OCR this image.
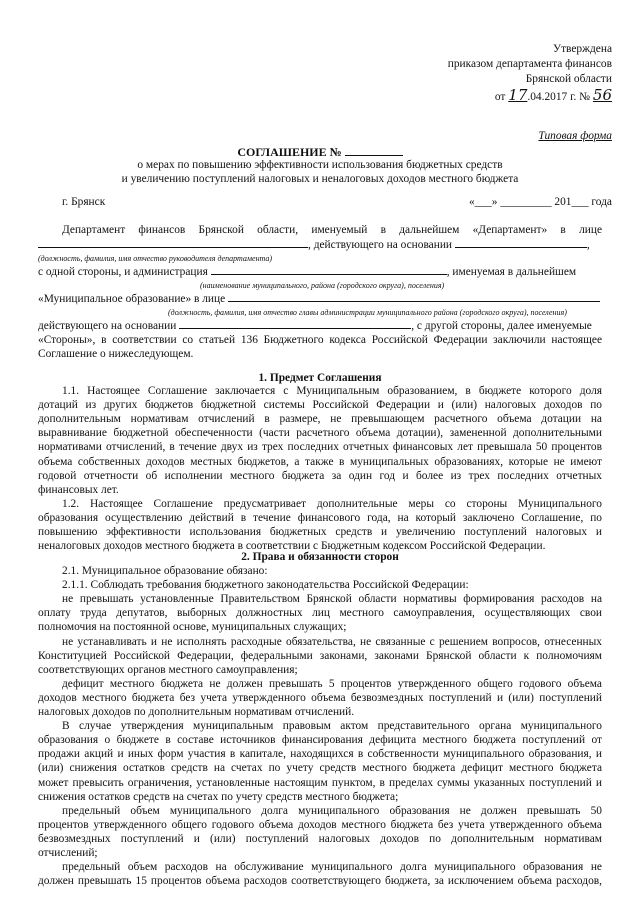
Утверждена
приказом департамента финансов
Брянской области
от 17.04.2017 г. № 56
Типовая форма
СОГЛАШЕНИЕ №
о мерах по повышению эффективности использования бюджетных средств
и увеличению поступлений налоговых и неналоговых доходов местного бюджета
г. Брянск	«___» _________ 201___ года
Департамент финансов Брянской области, именуемый в дальнейшем «Департамент» в лице
, действующего на основании	,
(должность, фамилия, имя отчество руководителя департамента)
с одной стороны, и администрация	, именуемая в дальнейшем
(наименование муниципального, района (городского округа), поселения)
«Муниципальное образование» в лице
(должность, фамилия, имя отчество главы администрации муниципального района (городского округа), поселения)
действующего на основании	, с другой стороны, далее именуемые
«Стороны», в соответствии со статьей 136 Бюджетного кодекса Российской Федерации заключили настоящее
Соглашение о нижеследующем.
1. Предмет Соглашения
1.1. Настоящее Соглашение заключается с Муниципальным образованием, в бюджете которого доля
дотаций из других бюджетов бюджетной системы Российской Федерации и (или) налоговых доходов по
дополнительным нормативам отчислений в размере, не превышающем расчетного объема дотации на
выравнивание бюджетной обеспеченности (части расчетного объема дотации), замененной дополнительными
нормативами отчислений, в течение двух из трех последних отчетных финансовых лет превышала 50 процентов
объема собственных доходов местных бюджетов, а также в муниципальных образованиях, которые не имеют
годовой отчетности об исполнении местного бюджета за один год и более из трех последних отчетных
финансовых лет.
1.2. Настоящее Соглашение предусматривает дополнительные меры со стороны Муниципального
образования осуществлению действий в течение финансового года, на который заключено Соглашение, по
повышению эффективности использования бюджетных средств и увеличению поступлений налоговых и
неналоговых доходов местного бюджета в соответствии с Бюджетным кодексом Российской Федерации.
2. Права и обязанности сторон
2.1. Муниципальное образование обязано:
2.1.1. Соблюдать требования бюджетного законодательства Российской Федерации:
не превышать установленные Правительством Брянской области нормативы формирования расходов на
оплату труда депутатов, выборных должностных лиц местного самоуправления, осуществляющих свои
полномочия на постоянной основе, муниципальных служащих;
не устанавливать и не исполнять расходные обязательства, не связанные с решением вопросов, отнесенных
Конституцией Российской Федерации, федеральными законами, законами Брянской области к полномочиям
соответствующих органов местного самоуправления;
дефицит местного бюджета не должен превышать 5 процентов утвержденного общего годового объема
доходов местного бюджета без учета утвержденного объема безвозмездных поступлений и (или) поступлений
налоговых доходов по дополнительным нормативам отчислений.
В случае утверждения муниципальным правовым актом представительного органа муниципального
образования о бюджете в составе источников финансирования дефицита местного бюджета поступлений от
продажи акций и иных форм участия в капитале, находящихся в собственности муниципального образования, и
(или) снижения остатков средств на счетах по учету средств местного бюджета дефицит местного бюджета
может превысить ограничения, установленные настоящим пунктом, в пределах суммы указанных поступлений и
снижения остатков средств на счетах по учету средств местного бюджета;
предельный объем муниципального долга муниципального образования не должен превышать 50
процентов утвержденного общего годового объема доходов местного бюджета без учета утвержденного объема
безвозмездных поступлений и (или) поступлений налоговых доходов по дополнительным нормативам
отчислений;
предельный объем расходов на обслуживание муниципального долга муниципального образования не
должен превышать 15 процентов объема расходов соответствующего бюджета, за исключением объема расходов,
